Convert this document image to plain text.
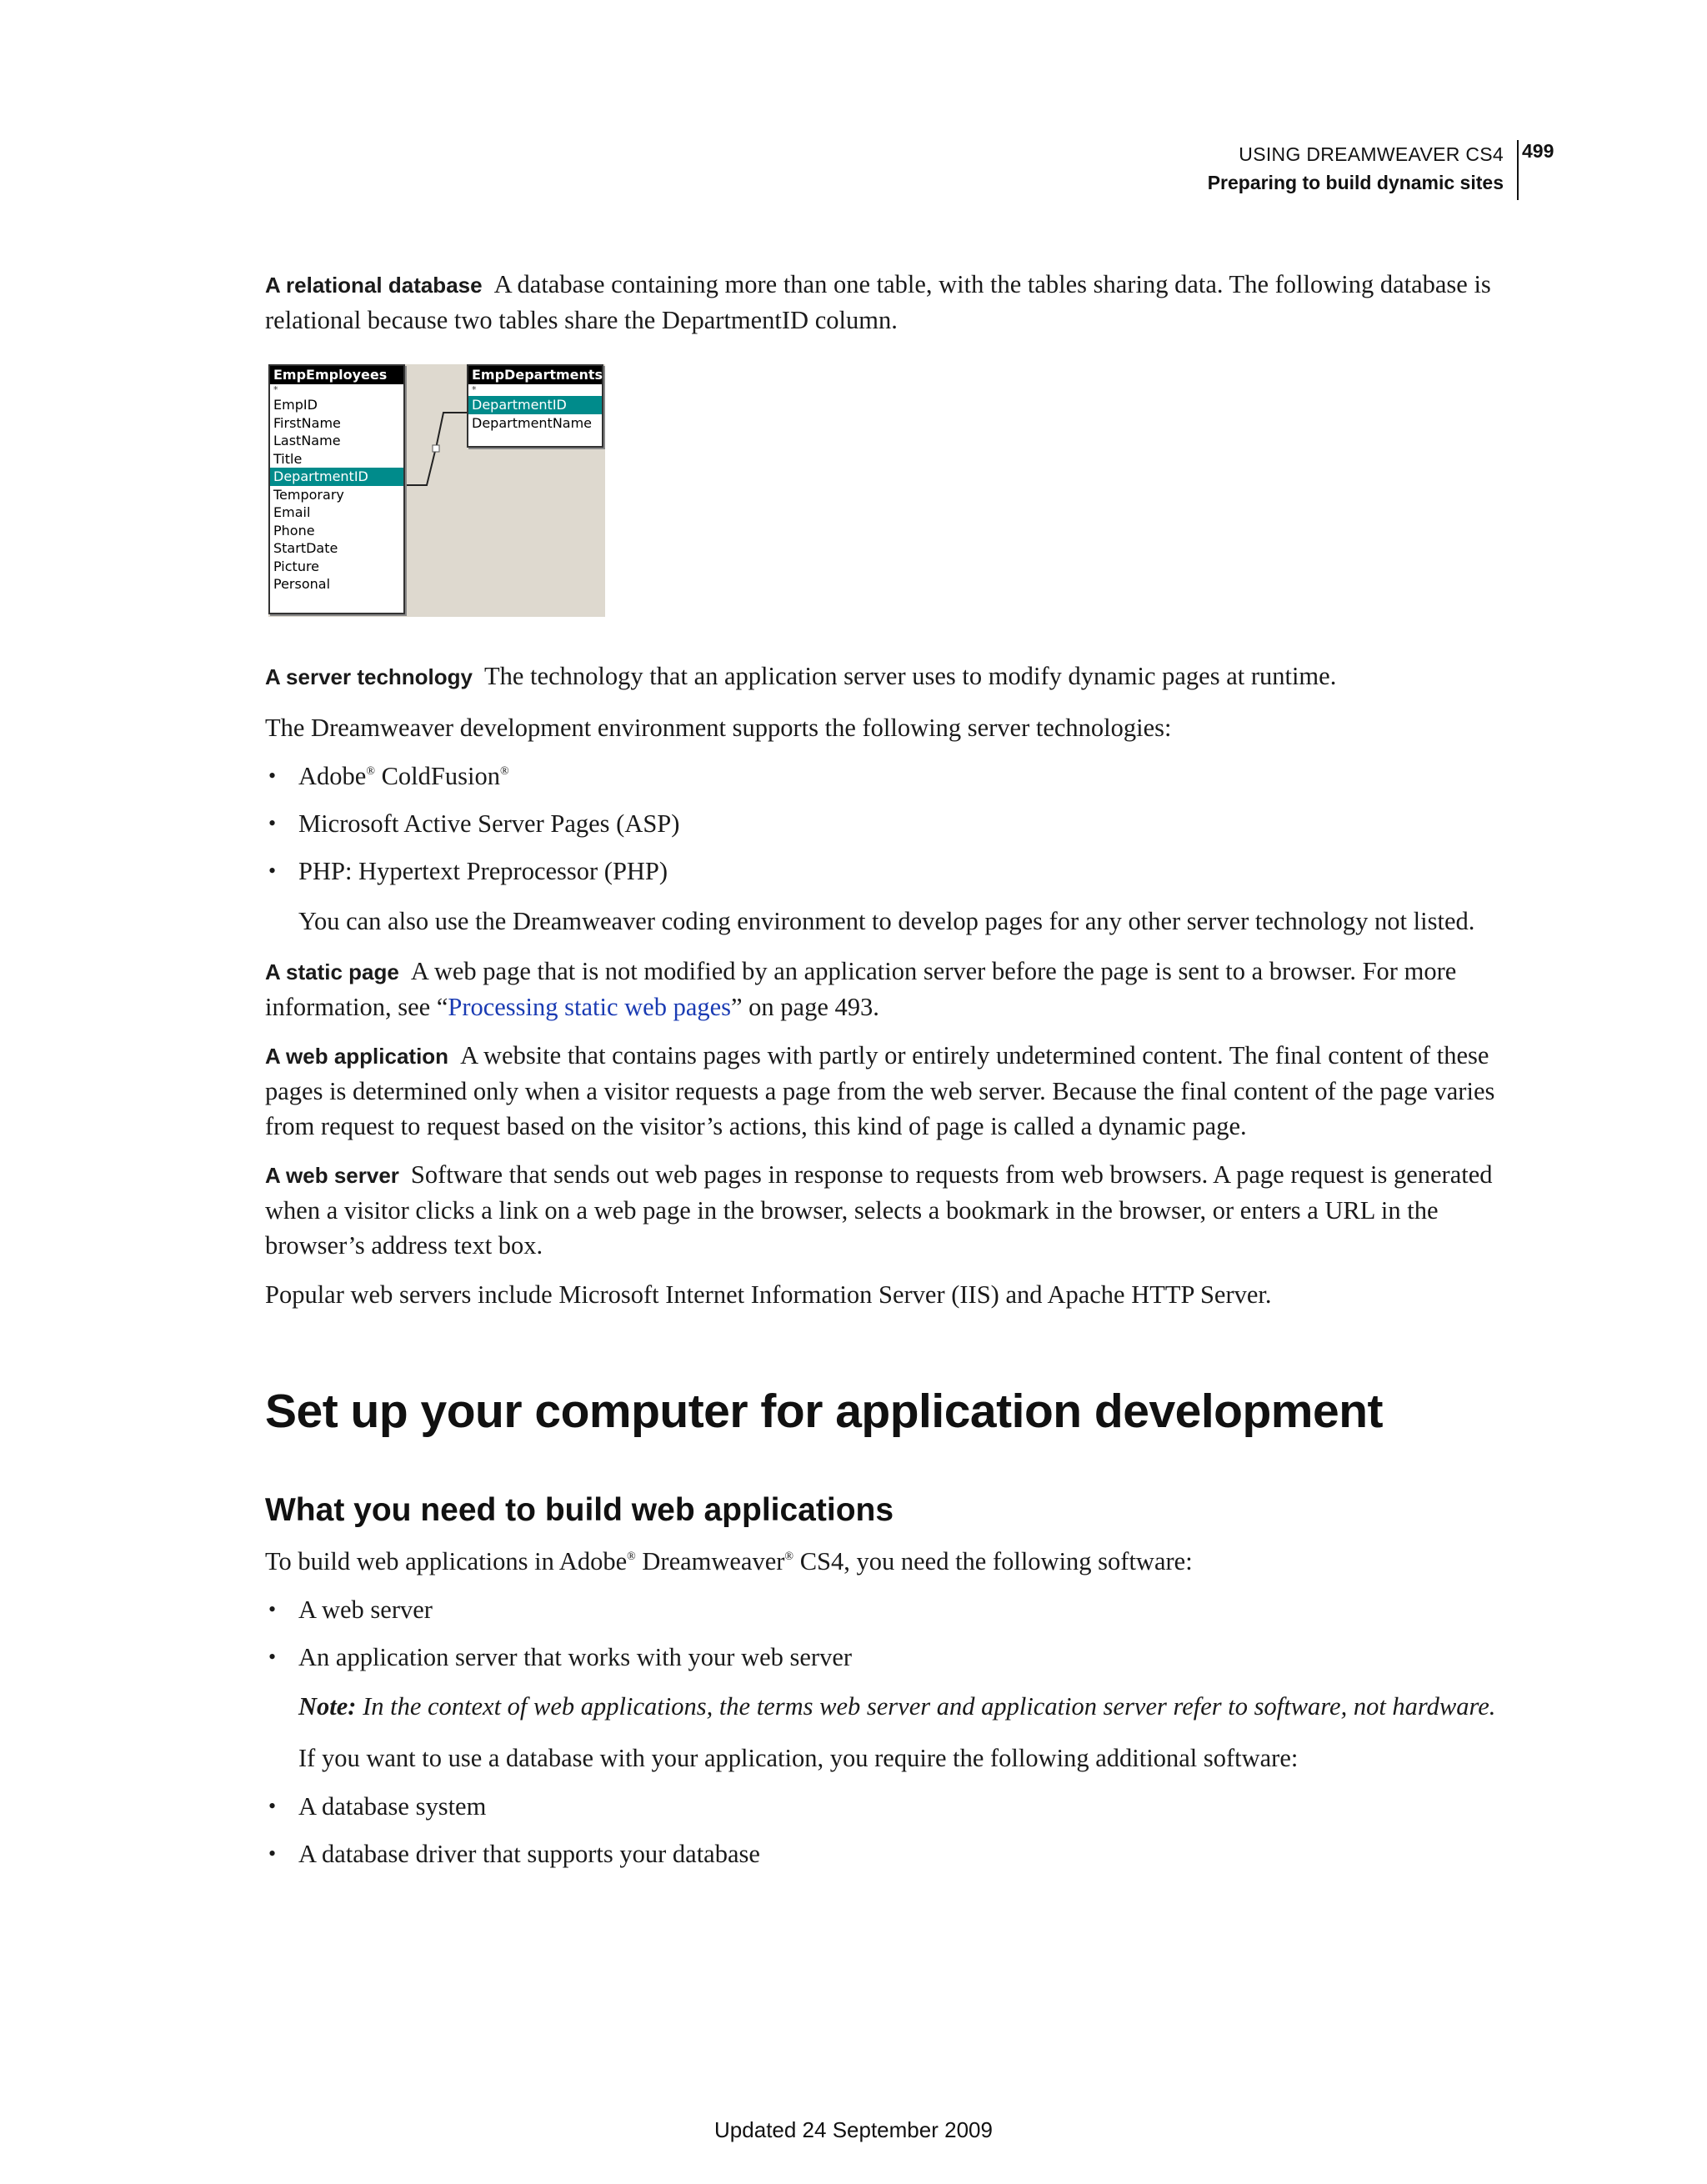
USING DREAMWEAVER CS4
Preparing to build dynamic sites
499
A relational database A database containing more than one table, with the tables sharing data. The following database is relational because two tables share the DepartmentID column.
EmpEmployees
*
EmpID
FirstName
LastName
Title
DepartmentID
Temporary
Email
Phone
StartDate
Picture
Personal
EmpDepartments
*
DepartmentID
DepartmentName
A server technology The technology that an application server uses to modify dynamic pages at runtime.
The Dreamweaver development environment supports the following server technologies:
• Adobe® ColdFusion®
• Microsoft Active Server Pages (ASP)
• PHP: Hypertext Preprocessor (PHP)
You can also use the Dreamweaver coding environment to develop pages for any other server technology not listed.
A static page A web page that is not modified by an application server before the page is sent to a browser. For more information, see “Processing static web pages” on page 493.
A web application A website that contains pages with partly or entirely undetermined content. The final content of these pages is determined only when a visitor requests a page from the web server. Because the final content of the page varies from request to request based on the visitor’s actions, this kind of page is called a dynamic page.
A web server Software that sends out web pages in response to requests from web browsers. A page request is generated when a visitor clicks a link on a web page in the browser, selects a bookmark in the browser, or enters a URL in the browser’s address text box.
Popular web servers include Microsoft Internet Information Server (IIS) and Apache HTTP Server.
Set up your computer for application development
What you need to build web applications
To build web applications in Adobe® Dreamweaver® CS4, you need the following software:
• A web server
• An application server that works with your web server
Note: In the context of web applications, the terms web server and application server refer to software, not hardware.
If you want to use a database with your application, you require the following additional software:
• A database system
• A database driver that supports your database
Updated 24 September 2009
